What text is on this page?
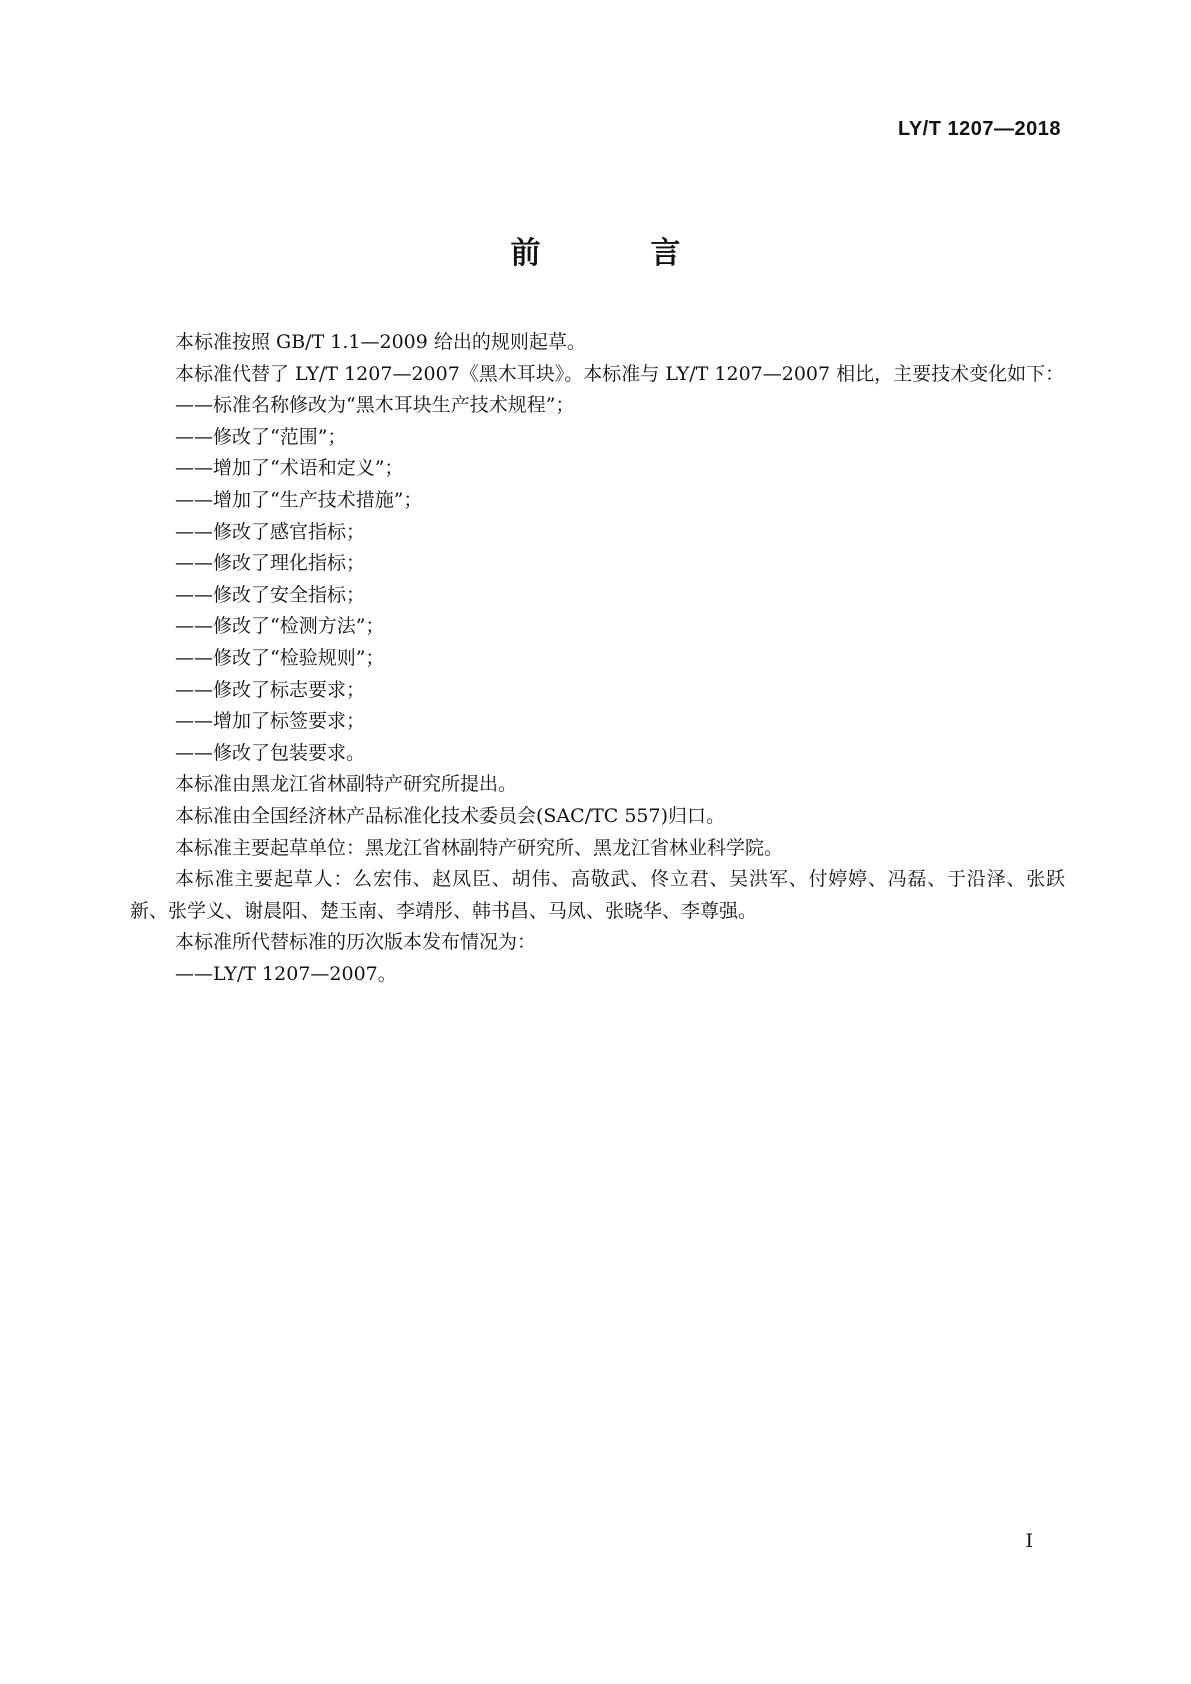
LY/T 1207—2018
前　言

本标准按照 GB/T 1.1—2009 给出的规则起草。

本标准代替了 LY/T 1207—2007《黑木耳块》。本标准与 LY/T 1207—2007 相比，主要技术变化如下：

——标准名称修改为“黑木耳块生产技术规程”；

——修改了“范围”；

——增加了“术语和定义”；

——增加了“生产技术措施”；

——修改了感官指标；

——修改了理化指标；

——修改了安全指标；

——修改了“检测方法”；

——修改了“检验规则”；

——修改了标志要求；

——增加了标签要求；

——修改了包装要求。

本标准由黑龙江省林副特产研究所提出。

本标准由全国经济林产品标准化技术委员会(SAC/TC 557)归口。

本标准主要起草单位：黑龙江省林副特产研究所、黑龙江省林业科学院。

本标准主要起草人：么宏伟、赵凤臣、胡伟、高敬武、佟立君、吴洪军、付婷婷、冯磊、于沿泽、张跃新、张学义、谢晨阳、楚玉南、李靖彤、韩书昌、马凤、张晓华、李尊强。

本标准所代替标准的历次版本发布情况为：

——LY/T 1207—2007。

I
